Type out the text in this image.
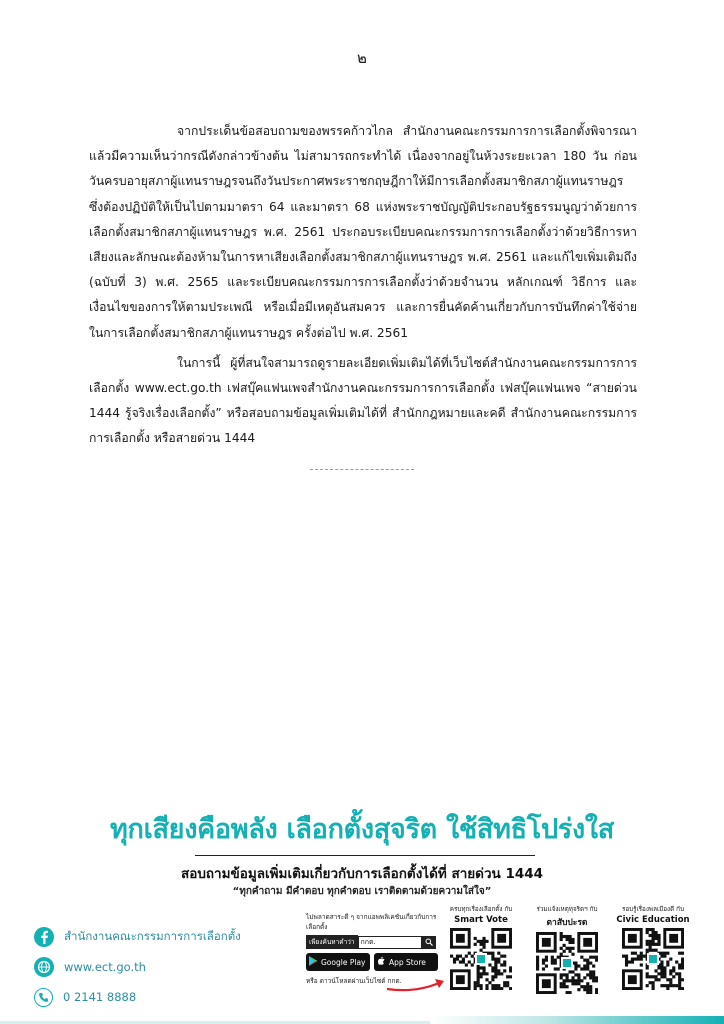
๒

จากประเด็นข้อสอบถามของพรรคก้าวไกล สำนักงานคณะกรรมการการเลือกตั้งพิจารณาแล้วมีความเห็นว่ากรณีดังกล่าวข้างต้น ไม่สามารถกระทำได้ เนื่องจากอยู่ในห้วงระยะเวลา 180 วัน ก่อนวันครบอายุสภาผู้แทนราษฎรจนถึงวันประกาศพระราชกฤษฎีกาให้มีการเลือกตั้งสมาชิกสภาผู้แทนราษฎรซึ่งต้องปฏิบัติให้เป็นไปตามมาตรา 64 และมาตรา 68 แห่งพระราชบัญญัติประกอบรัฐธรรมนูญว่าด้วยการเลือกตั้งสมาชิกสภาผู้แทนราษฎร พ.ศ. 2561 ประกอบระเบียบคณะกรรมการการเลือกตั้งว่าด้วยวิธีการหาเสียงและลักษณะต้องห้ามในการหาเสียงเลือกตั้งสมาชิกสภาผู้แทนราษฎร พ.ศ. 2561 และแก้ไขเพิ่มเติมถึง (ฉบับที่ 3) พ.ศ. 2565 และระเบียบคณะกรรมการการเลือกตั้งว่าด้วยจำนวน หลักเกณฑ์ วิธีการ และเงื่อนไขของการให้ตามประเพณี หรือเมื่อมีเหตุอันสมควร และการยื่นคัดค้านเกี่ยวกับการบันทึกค่าใช้จ่าย ในการเลือกตั้งสมาชิกสภาผู้แทนราษฎร ครั้งต่อไป พ.ศ. 2561

ในการนี้ ผู้ที่สนใจสามารถดูรายละเอียดเพิ่มเติมได้ที่เว็บไซต์สำนักงานคณะกรรมการการเลือกตั้ง www.ect.go.th เฟสบุ๊คแฟนเพจสำนักงานคณะกรรมการการเลือกตั้ง เฟสบุ๊คแฟนเพจ “สายด่วน 1444 รู้จริงเรื่องเลือกตั้ง” หรือสอบถามข้อมูลเพิ่มเติมได้ที่ สำนักกฎหมายและคดี สำนักงานคณะกรรมการการเลือกตั้ง หรือสายด่วน 1444

ทุกเสียงคือพลัง เลือกตั้งสุจริต ใช้สิทธิโปร่งใส
สอบถามข้อมูลเพิ่มเติมเกี่ยวกับการเลือกตั้งได้ที่ สายด่วน 1444
“ทุกคำถาม มีคำตอบ ทุกคำตอบ เราติดตามด้วยความใส่ใจ”
สำนักงานคณะกรรมการการเลือกตั้ง
www.ect.go.th
0 2141 8888
ไม่พลาดสาระดี ๆ จากแอพพลิเคชันเกี่ยวกับการเลือกตั้ง
เพียงค้นหาคำว่า กกต.
Google Play	App Store
หรือ ดาวน์โหลดผ่านเว็บไซต์ กกต.
ครบทุกเรื่องเลือกตั้ง กับ
Smart Vote
ร่วมแจ้งเหตุทุจริตฯ กับ
ตาสับปะรด
รอบรู้เรื่องพลเมืองดี กับ
Civic Education
